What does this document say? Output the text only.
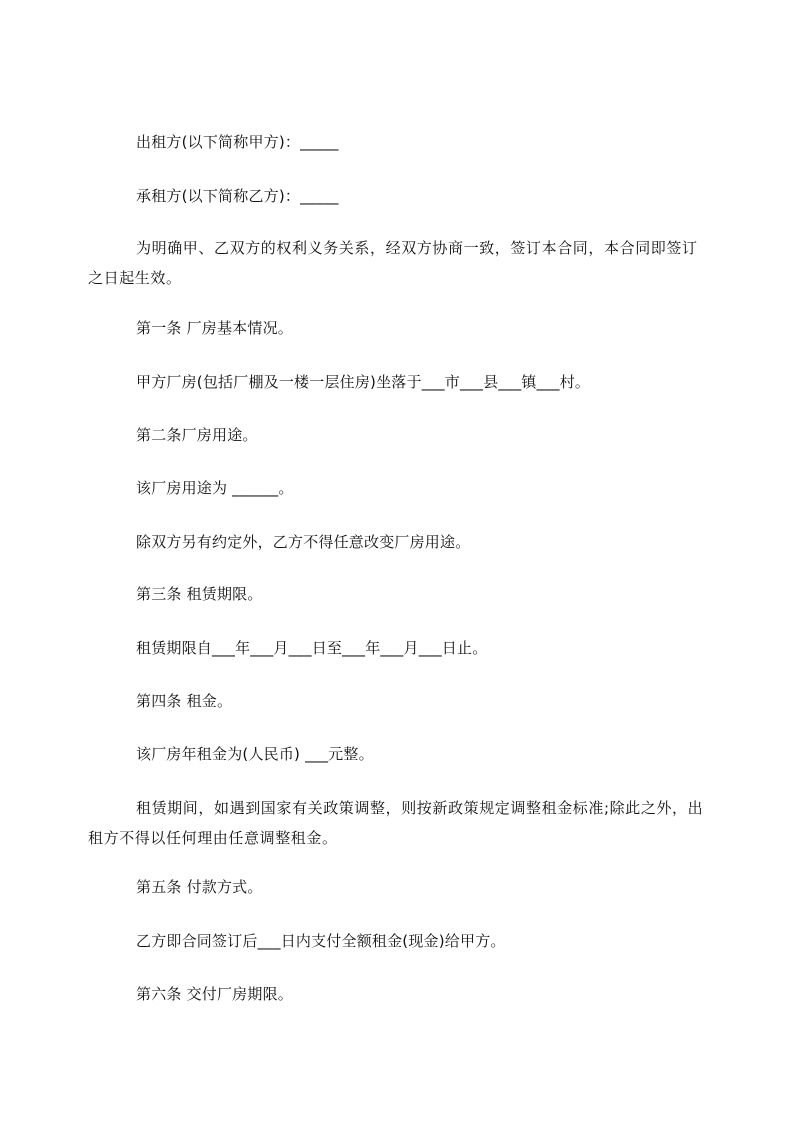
出租方(以下简称甲方)：_____
承租方(以下简称乙方)：_____
为明确甲、乙双方的权利义务关系，经双方协商一致，签订本合同，本合同即签订之日起生效。
第一条 厂房基本情况。
甲方厂房(包括厂棚及一楼一层住房)坐落于___市___县___镇___村。
第二条厂房用途。
该厂房用途为 ______。
除双方另有约定外，乙方不得任意改变厂房用途。
第三条 租赁期限。
租赁期限自___年___月___日至___年___月___日止。
第四条 租金。
该厂房年租金为(人民币) ___元整。
租赁期间，如遇到国家有关政策调整，则按新政策规定调整租金标准;除此之外，出租方不得以任何理由任意调整租金。
第五条 付款方式。
乙方即合同签订后___日内支付全额租金(现金)给甲方。
第六条 交付厂房期限。
